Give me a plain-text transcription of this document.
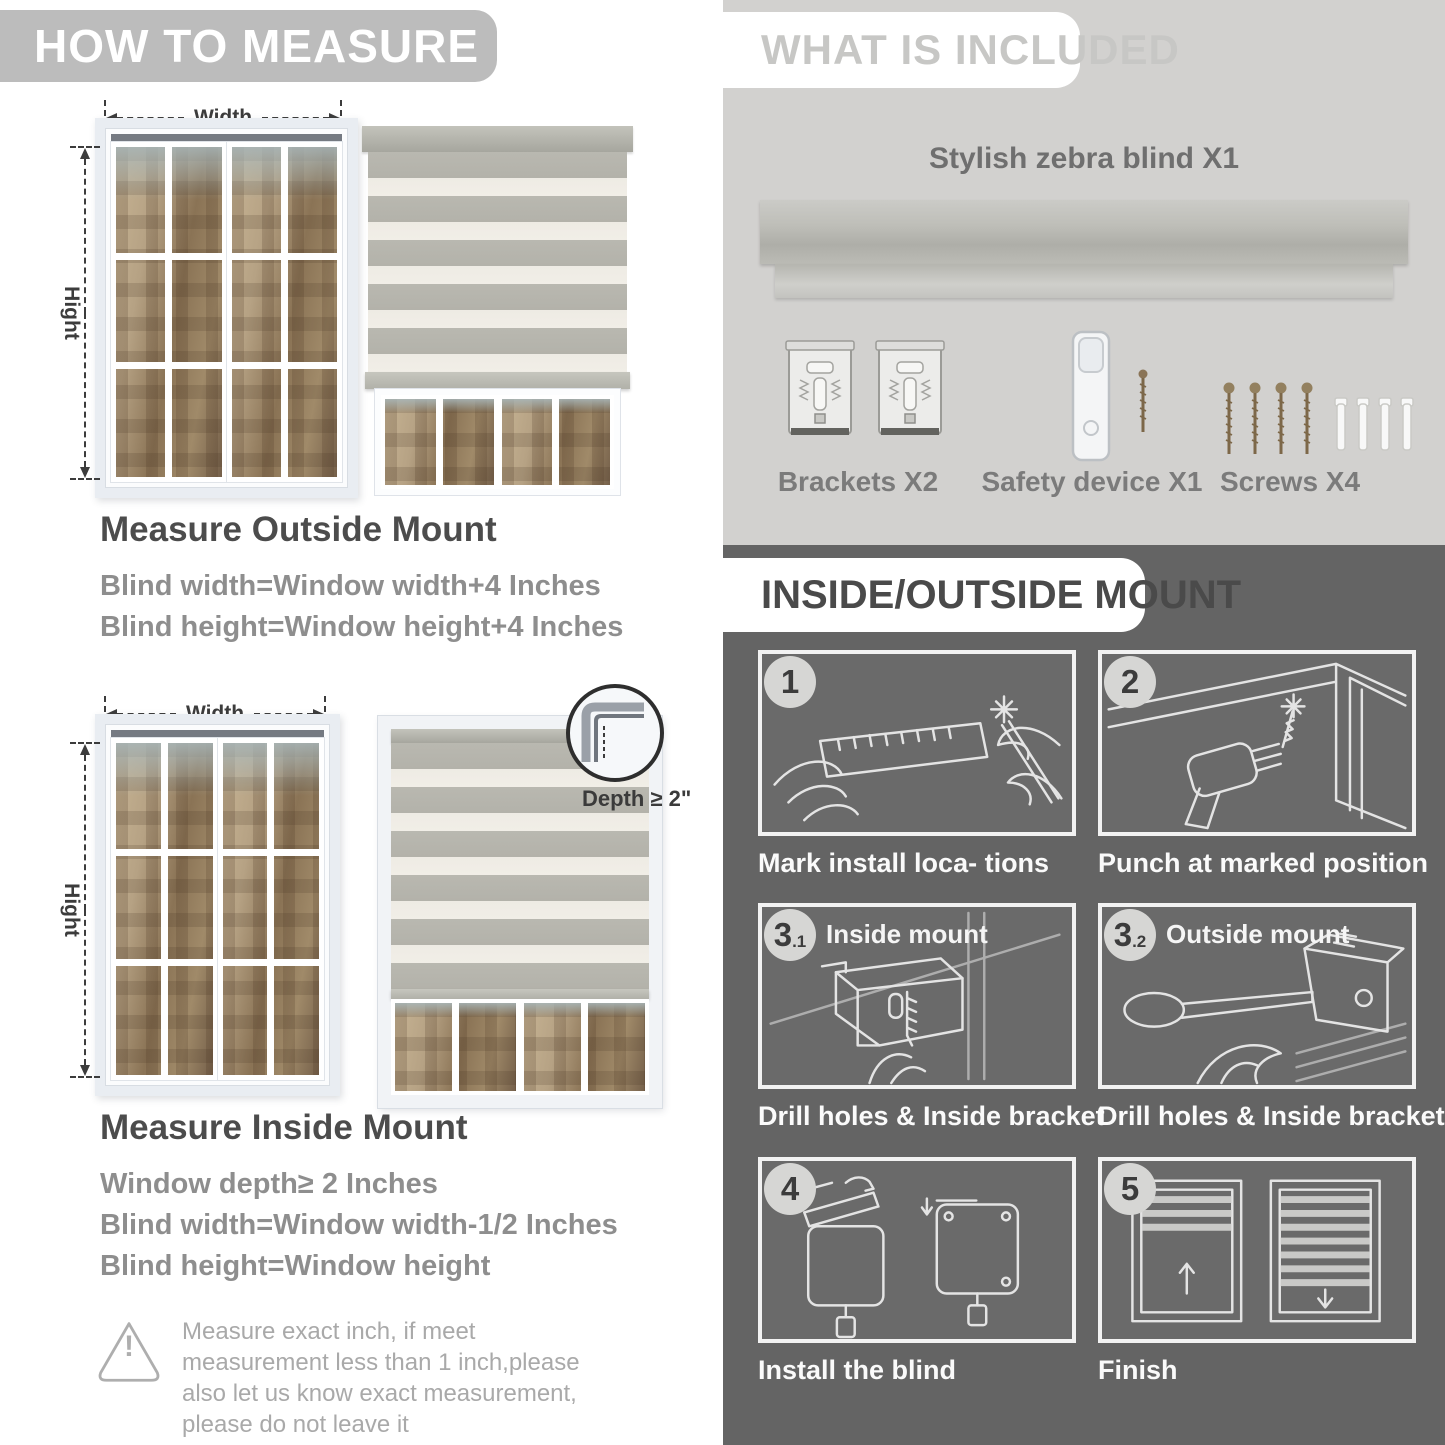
HOW TO MEASURE
Hight

Measure Outside Mount

Blind width=Window width+4 Inches

Blind height=Window height+4 Inches

Hight
Depth ≥ 2"

Measure Inside Mount

Window depth≥ 2 Inches

Blind width=Window width-1/2 Inches

Blind height=Window height

!	Measure exact inch, if meet measurement less than 1 inch,please also let us know exact measurement, please do not leave it
WHAT IS INCLUDED
Stylish zebra blind X1
Brackets X2 Safety device X1 Screws X4
INSIDE/OUTSIDE MOUNT
1
Mark install loca- tions
2
Punch at marked position
3 .1 Inside mount
Drill holes & Inside bracket
3 .2 Outside mount
Drill holes & Inside bracket
4
Install the blind
5
Finish
